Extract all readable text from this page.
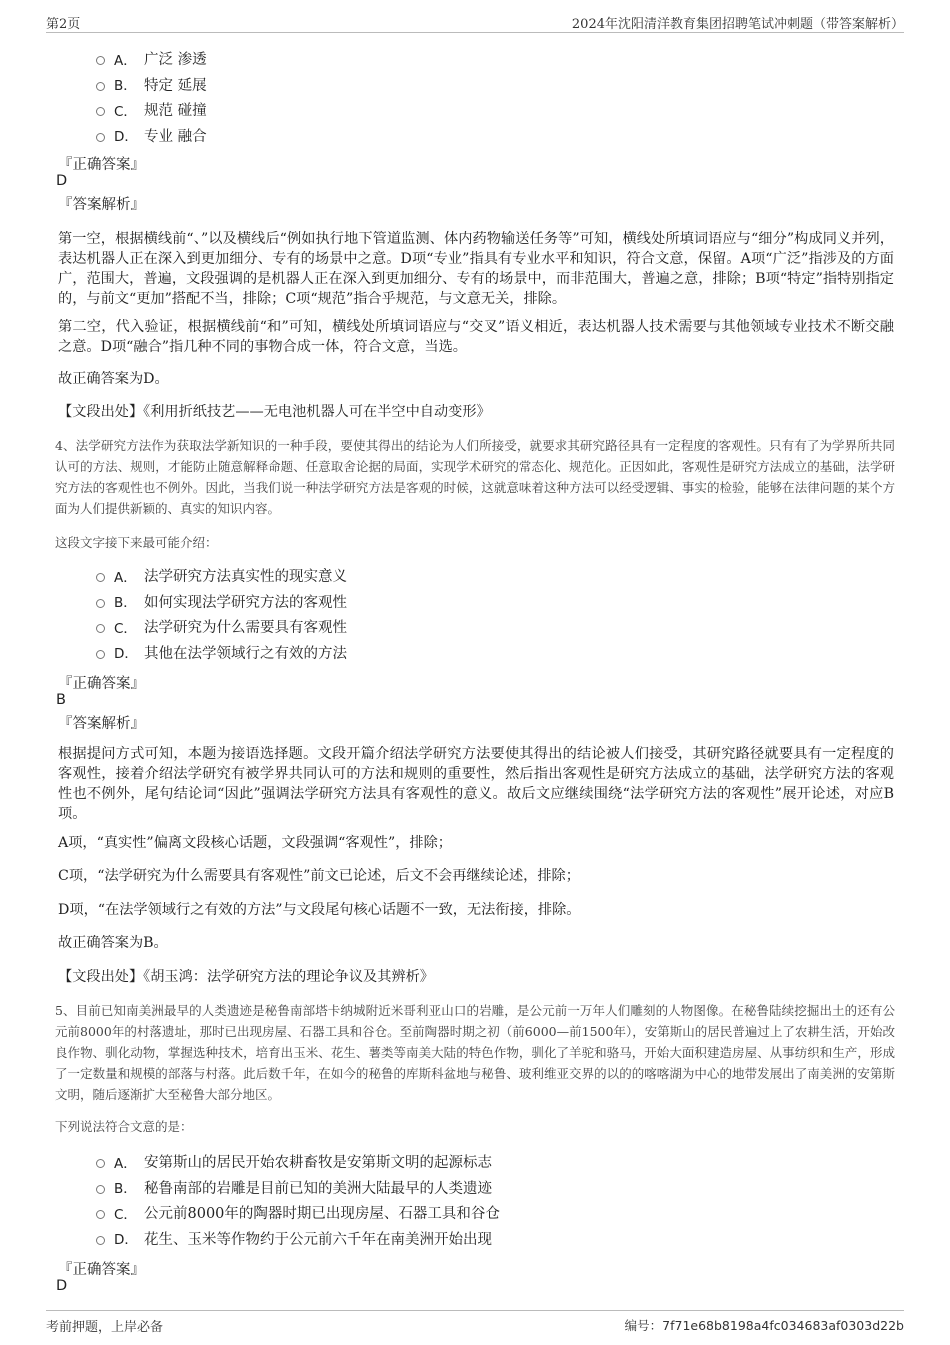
第2页	2024年沈阳清洋教育集团招聘笔试冲刺题（带答案解析）
A． 广泛 渗透
B． 特定 延展
C． 规范 碰撞
D． 专业 融合
『正确答案』
D
『答案解析』
第一空，根据横线前“、”以及横线后“例如执行地下管道监测、体内药物输送任务等”可知，横线处所填词语应与“细分”构成同义并列，表达机器人正在深入到更加细分、专有的场景中之意。D项“专业”指具有专业水平和知识，符合文意，保留。A项“广泛”指涉及的方面广，范围大，普遍，文段强调的是机器人正在深入到更加细分、专有的场景中，而非范围大，普遍之意，排除；B项“特定”指特别指定的，与前文“更加”搭配不当，排除；C项“规范”指合乎规范，与文意无关，排除。
第二空，代入验证，根据横线前“和”可知，横线处所填词语应与“交叉”语义相近，表达机器人技术需要与其他领域专业技术不断交融之意。D项“融合”指几种不同的事物合成一体，符合文意，当选。
故正确答案为D。
【文段出处】《利用折纸技艺——无电池机器人可在半空中自动变形》
4、法学研究方法作为获取法学新知识的一种手段，要使其得出的结论为人们所接受，就要求其研究路径具有一定程度的客观性。只有有了为学界所共同认可的方法、规则，才能防止随意解释命题、任意取舍论据的局面，实现学术研究的常态化、规范化。正因如此，客观性是研究方法成立的基础，法学研究方法的客观性也不例外。因此，当我们说一种法学研究方法是客观的时候，这就意味着这种方法可以经受逻辑、事实的检验，能够在法律问题的某个方面为人们提供新颖的、真实的知识内容。
这段文字接下来最可能介绍：
A． 法学研究方法真实性的现实意义
B． 如何实现法学研究方法的客观性
C． 法学研究为什么需要具有客观性
D． 其他在法学领域行之有效的方法
『正确答案』
B
『答案解析』
根据提问方式可知，本题为接语选择题。文段开篇介绍法学研究方法要使其得出的结论被人们接受，其研究路径就要具有一定程度的客观性，接着介绍法学研究有被学界共同认可的方法和规则的重要性，然后指出客观性是研究方法成立的基础，法学研究方法的客观性也不例外，尾句结论词“因此”强调法学研究方法具有客观性的意义。故后文应继续围绕“法学研究方法的客观性”展开论述，对应B项。
A项，“真实性”偏离文段核心话题，文段强调“客观性”，排除；
C项，“法学研究为什么需要具有客观性”前文已论述，后文不会再继续论述，排除；
D项，“在法学领域行之有效的方法”与文段尾句核心话题不一致，无法衔接，排除。
故正确答案为B。
【文段出处】《胡玉鸿：法学研究方法的理论争议及其辨析》
5、目前已知南美洲最早的人类遗迹是秘鲁南部塔卡纳城附近米哥利亚山口的岩雕，是公元前一万年人们雕刻的人物图像。在秘鲁陆续挖掘出土的还有公元前8000年的村落遗址，那时已出现房屋、石器工具和谷仓。至前陶器时期之初（前6000—前1500年），安第斯山的居民普遍过上了农耕生活，开始改良作物、驯化动物，掌握选种技术，培育出玉米、花生、薯类等南美大陆的特色作物，驯化了羊驼和骆马，开始大面积建造房屋、从事纺织和生产，形成了一定数量和规模的部落与村落。此后数千年，在如今的秘鲁的库斯科盆地与秘鲁、玻利维亚交界的以的的喀喀湖为中心的地带发展出了南美洲的安第斯文明，随后逐渐扩大至秘鲁大部分地区。
下列说法符合文意的是：
A． 安第斯山的居民开始农耕畜牧是安第斯文明的起源标志
B． 秘鲁南部的岩雕是目前已知的美洲大陆最早的人类遗迹
C． 公元前8000年的陶器时期已出现房屋、石器工具和谷仓
D． 花生、玉米等作物约于公元前六千年在南美洲开始出现
『正确答案』
D
考前押题，上岸必备	编号：7f71e68b8198a4fc034683af0303d22b
